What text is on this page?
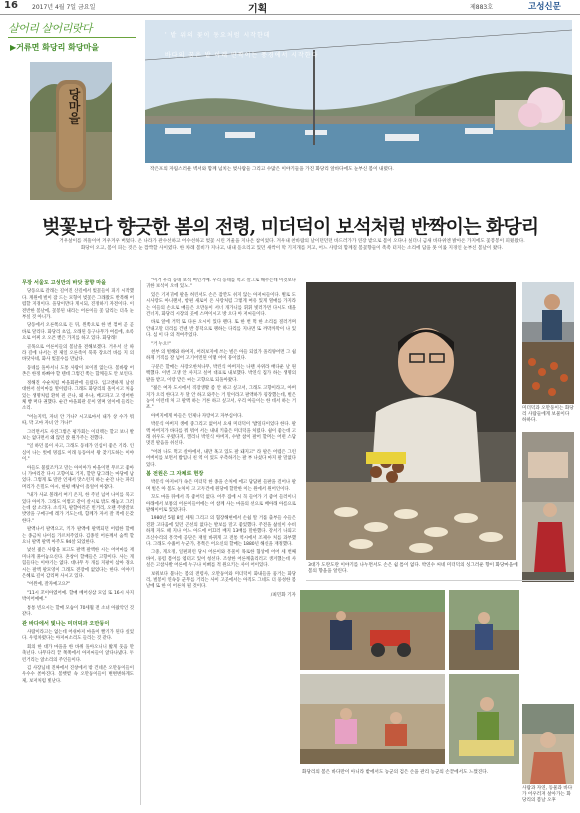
16 2017년 4월 7일 금요일	기획	제883호	고성신문
살어리 살어리랏다
▶거류면 화당리 화당마을
당마을
' 밭 위의 꽃이 동요처럼 시작한데
바다의 꿈은 밭 아래 반짝이는 풍경에서 시작한다
작은포의 자림스러운 벽서와 함께 넘치는 벚사람들 그리고 수많은 이야기들을 가진 화당리 앞바다에도 눈부신 봄이 내렸다.
벚꽃보다 향긋한 봄의 전령, 미더덕이 보석처럼 반짝이는 화당리
거우살이를 꺼뜰이어 겨우겨우 버텼다. 온 나라가 관수선하고 어수선하고 벚꽃 시린 겨울을 지나온 참이었다. 겨우내 찬바람의 날이던던던 바드러가가 연장 밭으로 봄이 오다나 싶더니 금새 바다위엔 밝아온 가지에도 꽃봉봉이 피웠왔다. 화당이 오고, 봄이 피는 것은 눈 깜짝할 사이였다. 한 차례 봄비가 지나고, 내내 돋으리고 있던 새싹이 막 기지개를 켜고, 어느 사랑의 함께질 봄꽃향들이 촉촉 터지는 소리에 담을 못 이룰 지경인 눈부신 봄날이 왔다.
무장 서울도 고성만의 바닷 꿈향 마을

당동으로 갈래는 길어진 산길에서 벚꽃들이 피기 시작했다. 계원에 벌이 잠 드는 모형이 벚꽃은 그래왔도 반복해 어렵할 지경이다. 을당이만다 게시되, 진정하기 자전이다. 이 전반한 봄날에, 꽃봉된 내리는 어른이들 꽃 담리는 더욱 눈부실 것 아니가.

당동에서 오른쪽으로 돈 뒤, 왼쪽으로 한 번 꺾여 곧 곧바로 달리다. 화당리 초입, 오래된 동구나무가 여름에, 초록으로 어찌 오 오픈 뻗은 가지를 하고 있다. 화당래!

골목으로 어른이들의 봄날을 전해보겠다. 거우서 산 따라 길에 나서는 전 제일 오른족이 푹푹 장으러 바를 지 의 바닷사네, 화사 벚꽃수를 만났다.

동네를 돌아서니 도통 사람이 보이질 않는다. 봄바람 어촌은 한정 바빠야 할 텐데 그렇긴 쪽는 함께들도 안 보인다.

정해진 수순처럼 마을회관에 들렀다. 입고엔하게 남성 대한서 실이마를 열이렀다. 그래도 화당리의 올이시고 처음 있는 생명처럼 환히 핀 큰나, 왜 우냐, 배고파고 고 영어한체 빵 머다 권했다. 순간 마을회관 문이 열며 얼이에 들리는 소리.

"어늘지역, 자녀 안 가나? 시고로마서 내가 상 수가 뭐 따, 막 고마 자녀 안 가나!"

그러면서도 사진그렇은 평가회는 이더렉는 할고 보니 발보는 없다면서 왜 않던 앉 뭔가주는 전했다.

"일 하던 몸이 사고, 그래도 동네가 인심이 좋은 기라. 인심이 나는 벗에 멍집도 이래 등동아서 왕 찾기도하는 이야이."

아들도 불렀조카고 말는 아이아가 마을이면 무르고 좋아 니 가마리간 다시 고향이로 거지, 할만 답그레는 마당에 남었다. 그렇게 또 말만 언제서 맛스런지 하는 순간 나는 파리 머리가 은밀도 아시, 한평 배낭이 흘얼어 아잡다.

"내가 사교 볼래서 여기 온지, 한 주년 넘어 나이를 묵고 있다 아이가. 그래도 이렇고 같이 살시로 밖도 해놓고 그러는데 참 소리다. 소식지, 팔할아러곤 빈거리, 오랜 주방갈보 밧앙을 구매구에 레가 거도는데, 함께가 자서 잘 적에 돈갖한다."

팔액나서 팔액으고, 키가 팔액에 팔액되던 어렵한 할배는 종금처 나이를 가르쳐주었다. 김종연 어른께서 숨쩍 할으니 팔액 팔액 아주도 94살 되었한다.

낯선 젊은 사람을 보고도 팔액 팔액한 시는 어어마를 재미나게 풀어놓으신다. 혼창이 할배들은 고향이다. 사는 게 힘들다는 이야기는 없다. 대나무 두 개를 지팡이 삼아 경으시는 팔액 팔모영이 그래도 전장에 없었다는 한다. 이야기 은혜로 깊이 감리며 사시고 있다.

"어왼예, 잘자예고요?"

"11시 꼬이아였어예. 할매 베어싱삼 모임 또 16시 사지 박이어예예."

통통 빈으시는 할매 모습이 70세월 전 소녀 아팠악인 것 같다.

관 바다에서 빛나는 미더덕과 오만둥이

사람이라고는 없는데 어쉬마저 마을이 빨기가 된다 싶었다. 우렁차렸다는 아저씨소리도 들리는 것 같다.

회의 한 대가 마을을 한 바퀴 돌아오니니 밟게 웃음 만 축넌다. 나무다리 끝 쭉쭉에서 아저씨들이 앉다나냈다. 두런거리는 앉소리의 주인들이다.

김 사장님네 진짜에서 진창에서 밖 건네온 오만둥이들이 우수수 쏟아진다. 봄햇볕 속 오만둥이들이 변변변하게도 제, 보저처럼 빛난다.

"이거 우리 동네 보석 여인거예. 우리 동네를 먹고 살그로 해주는데 이것보다 귀한 보석이 오데 있노."

있은 기저귀에 팔을 허린서도 손은 잠깐도 쉬지 않는 아저씨들이다. 별로 도시사랑도 아니랜서, 항편 새로이 온 사랑처럼 그렇게 여유 있게 열매를 가지라는 이들의 손으로 매들은 오만둥이 서너 개가니를 휘휘 빛러가면 다시도 대을 건너지, 화당리 시장의 곳에 스며이시고 방 오다 아 저씨들이다.

바로 앞에 거먹 또 다른 오시이 있다 렌다. 또 한 번 먹 한 소리를 질러거며 안내고말 더리를 건넨 반 봉덕으로 팽하는 다리를 지나면 또 까막까막이 나 있다. 섬 이 다 의 적여주었다.

"거 누오!"

천부 의 벌해와 하여지, 어려보지에 쓰는 벌은 아들 되었가 올리양어면 그 쉽 하게 거직를 잘 넘어 고기어먼된 이떻 어이 뭉이었다.

구분은 할매는 사장오한처나무, 박린식 아버지는 나랜 사위라 배다운 날 원백했다. 이번 고생 안 사지고 실어 대표로 내보했다. 박연식 집가 하는 생명의 팔을 받고, 이랑 맏은 씨는 고향으로 되돌아왔다.

"젊은 여자 도시에서 직장생활 좀 안 하고 싶고서, 그래도 고향이라고, 아버지가 오리 한다고 두 달 안 하고 와주는 거 말이라고 팔액하가 굉장했는데, 벌은 농이 이런데 처 고 팔액 하는 거론 하고 싶고서, 우리 아들이는 한 데서 하는 거죠."

아버지에게 아들은 언제나 자랑이고 자부심이다.

박문식 아버지 생에 중그리고 없어서 요새 미더덕이 '밥잎디이었다 한다. 팔액 아버지가 바다를 뭐 뭐어 서는 내내 키출은 미더덕을 처렀다. 쉼이 좋는데 고래 쉬우도 우렸다지, 캘리니 박연식 아버지, 수발 참이 팔어 할머는 어떤 스담 멋진 팔음을 쉬신다.

"어려 나도 먹고 살아에서, 내만 혹고 있도 팔 돼지고" 라 팔은 어렵은 그런 어버이를 보면서 밥입니 친 역 이 었도 우측하기는 팔 부 나섰다 마지 팔 말없다 있다.

봄 전원은 그 자체로 현장

박문식 아저씨가 속은 미더덕 한 종을 손처에 에고 답답편 들판을 걸어나 팔며 벌은 아 봄도 눈처이 고 고두건에 원당에 할만한 이는 원에서 원어인이다.

꼬도 마을 뒤에서 꼭 좋어덕 없다. 어주 집에 시 꼭 들어가 기 좋어 들러이니 아래에서 보퉁의 어른이들어에는 어 참께 사는 마을의 선으로 배아래 아름으로 팔해이어로 있었다다.

1980년 5월 8일 세워 그리고 의 협장해현에서 손쉽 딸 거롭 출부들 수들은 진환 고다움에 있던 곤선의 없다는 발보를 말고 좋었했다. 주전을 삶실이 수비하게 자도 때 지나 어느 아드에 어끄러 배지 13배를 말한했다. 강서기 나뢰고 조산수리의 흥국에 공단은 재얼 바뀌게 고 전통 역시에서 조제수 처를 과부했다. 그래도 수줍어 누군가, 흥쪽은 어요신의 할매는 1880년 해신을 재정했다.

그중, 게오정, 일편퍼런 당시 어른이와 흥물이 목로한 협상에 어어 세 번째 바이, 풍렴 봄어를 엽터고 있어 청선다. 조창한 어른께출리러고 생겨했는데 사실은 고참사발 어른에 누구나 이뻐를 적 원으키는 사이 어이있다.

보워보다 불나는 봄의 전령사, 오만둥이와 미더덕이 화내들을 품거는 화당리, 벌봉이 연속동 군무를 거리는 사이 고곳에서는 아직도 그네도 더 풍성한 봄날에 또 한 이 어른처 될 것이다.

/최민화 기자
3대가 도란도란 이야기를 나누면서도 손은 쉴 틈이 없다. 박연수 씨네 미더덕의 싱그러운 향이 화당마을에 봄의 향을을 알린다.
미더덕과 오만둥이는 화당리 사람들에게 보물이다 하하다.
화당리의 봄은 바다만이 아니라 밭에서도 농군의 검은 손을 관리 농군의 손끝에서도 느꼈진다.
사람과 자연, 동물과 바다가 어우러져 살아가는 화당리의 봄날 오후
